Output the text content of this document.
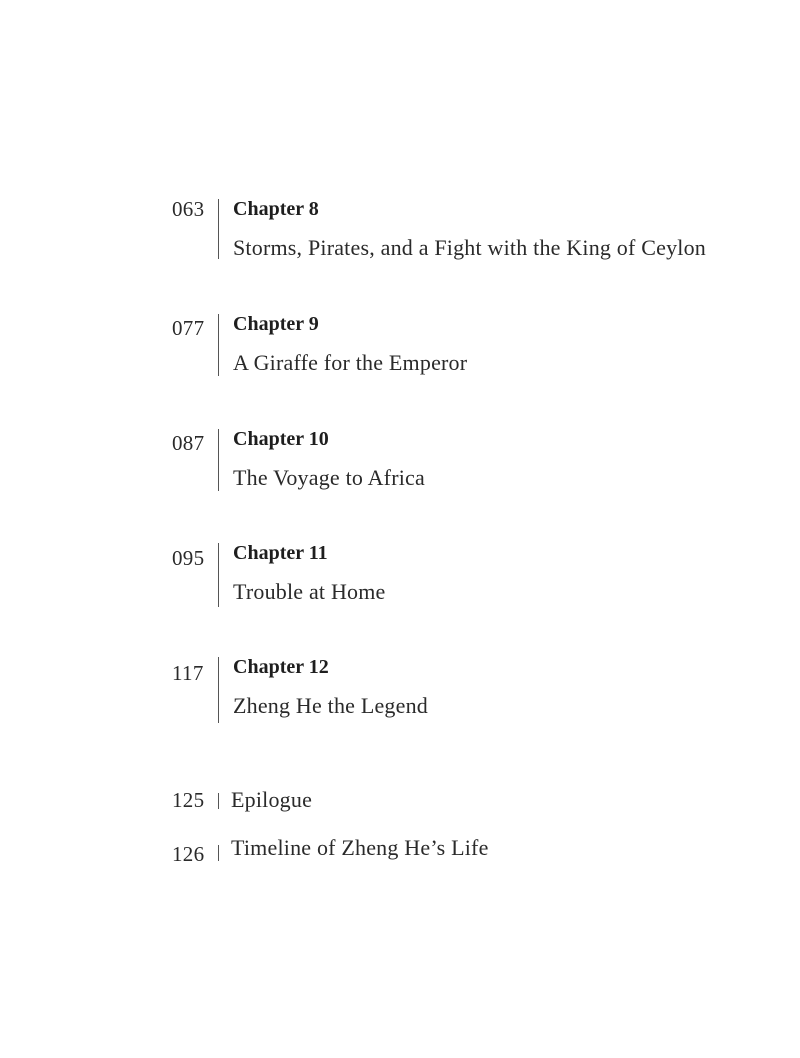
063 Chapter 8
Storms, Pirates, and a Fight with the King of Ceylon
077 Chapter 9
A Giraffe for the Emperor
087 Chapter 10
The Voyage to Africa
095 Chapter 11
Trouble at Home
117	Chapter 12
Zheng He the Legend
125 Epilogue
126 Timeline of Zheng He’s Life
